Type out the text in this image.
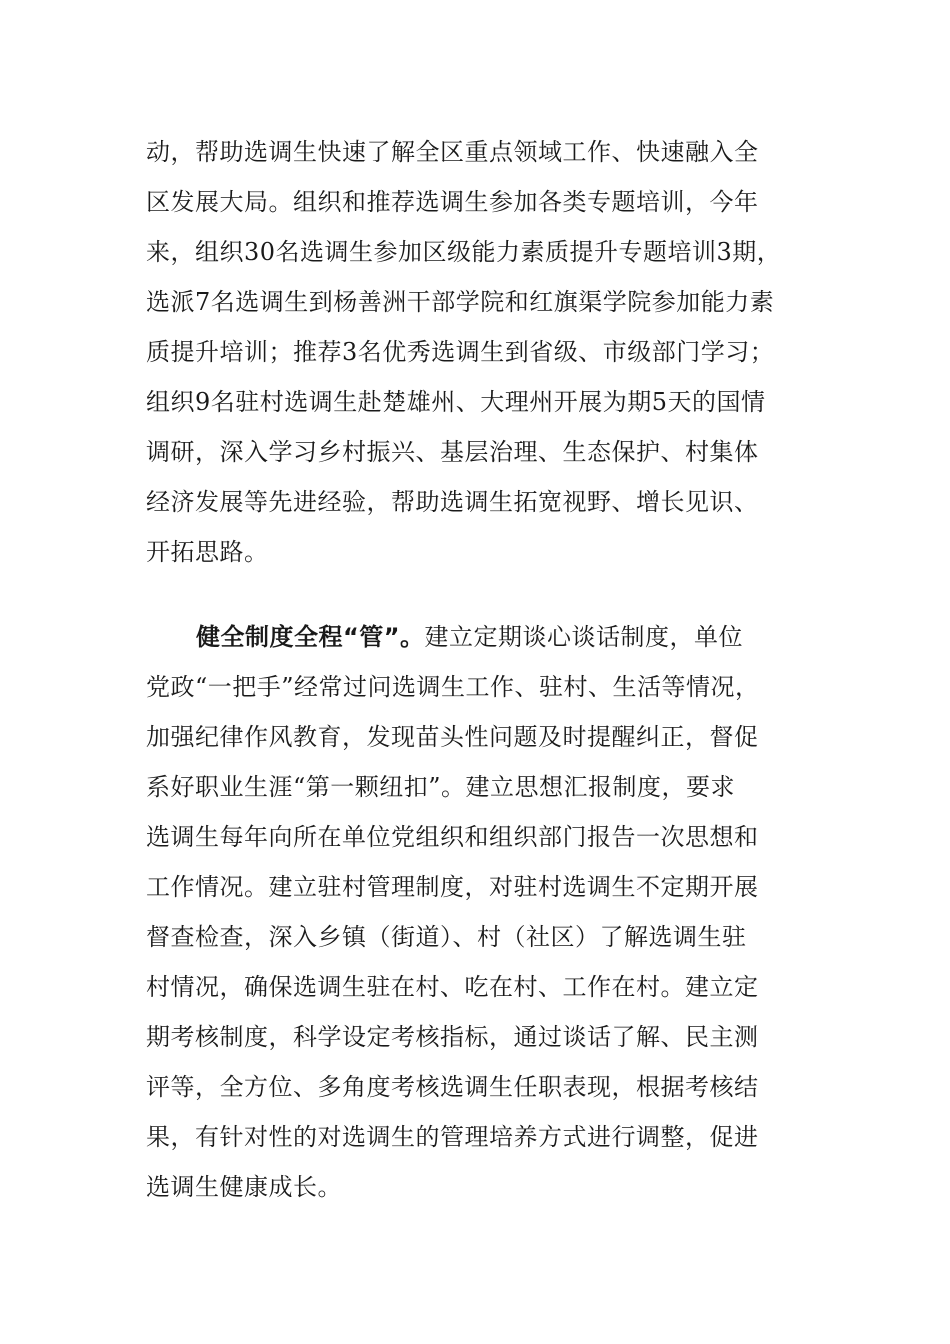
动，帮助选调生快速了解全区重点领域工作、快速融入全
区发展大局。组织和推荐选调生参加各类专题培训，今年
来，组织30名选调生参加区级能力素质提升专题培训3期，
选派7名选调生到杨善洲干部学院和红旗渠学院参加能力素
质提升培训；推荐3名优秀选调生到省级、市级部门学习；
组织9名驻村选调生赴楚雄州、大理州开展为期5天的国情
调研，深入学习乡村振兴、基层治理、生态保护、村集体
经济发展等先进经验，帮助选调生拓宽视野、增长见识、
开拓思路。
健全制度全程“管”。建立定期谈心谈话制度，单位
党政“一把手”经常过问选调生工作、驻村、生活等情况，
加强纪律作风教育，发现苗头性问题及时提醒纠正，督促
系好职业生涯“第一颗纽扣”。建立思想汇报制度，要求
选调生每年向所在单位党组织和组织部门报告一次思想和
工作情况。建立驻村管理制度，对驻村选调生不定期开展
督查检查，深入乡镇（街道）、村（社区）了解选调生驻
村情况，确保选调生驻在村、吃在村、工作在村。建立定
期考核制度，科学设定考核指标，通过谈话了解、民主测
评等，全方位、多角度考核选调生任职表现，根据考核结
果，有针对性的对选调生的管理培养方式进行调整，促进
选调生健康成长。
